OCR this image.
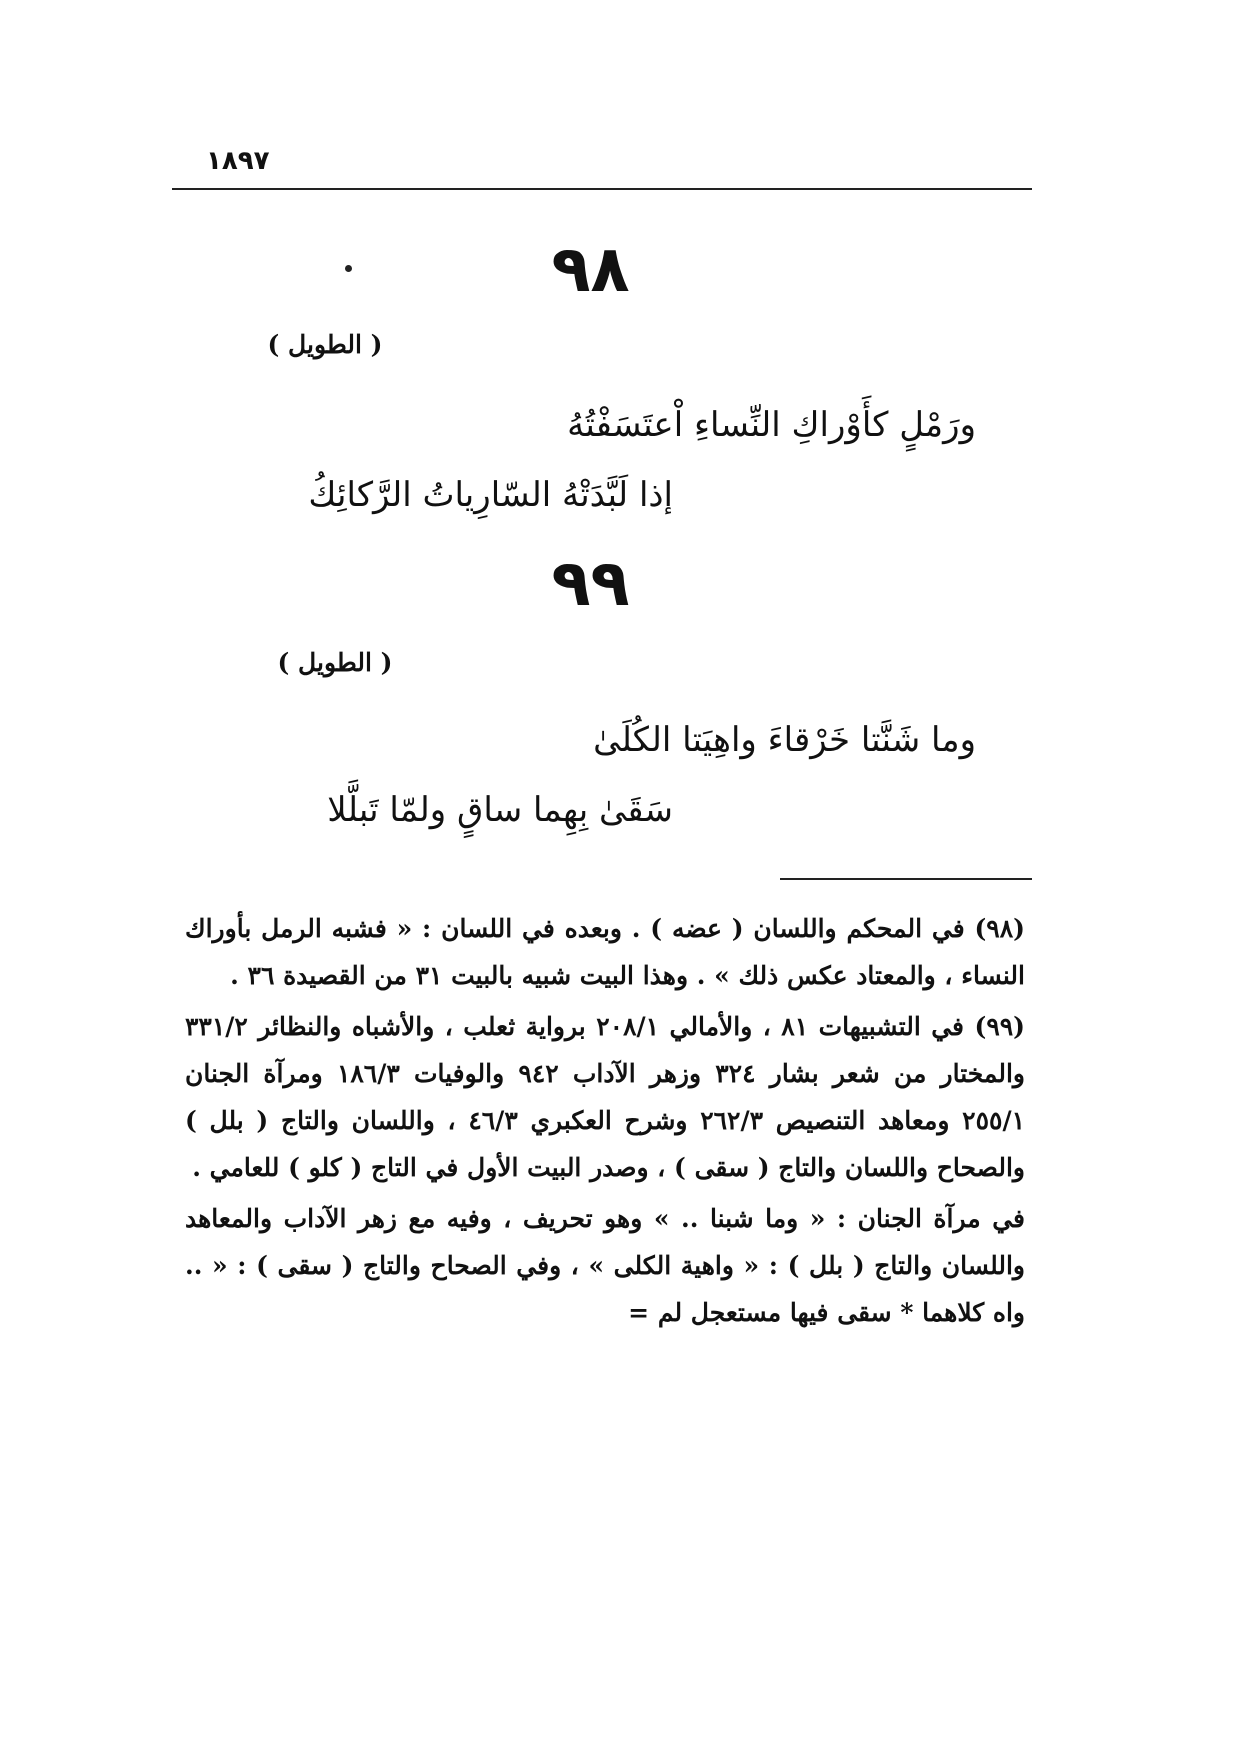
١٨٩٧
٩٨
( الطويل )
ورَمْلٍ كأَوْراكِ النِّساءِ اْعتَسَفْتُهُ
إذا لَبَّدَتْهُ السّارِياتُ الرَّكائِكُ
٩٩
( الطويل )
وما شَنَّتا خَرْقاءَ واهِيَتا الكُلَىٰ
سَقَىٰ بِهِما ساقٍ ولمّا تَبلَّلا

(٩٨) في المحكم واللسان ( عضه ) . وبعده في اللسان : « فشبه الرمل بأوراك النساء ، والمعتاد عكس ذلك » . وهذا البيت شبيه بالبيت ٣١ من القصيدة ٣٦ .

(٩٩) في التشبيهات ٨١ ، والأمالي ٢٠٨/١ برواية ثعلب ، والأشباه والنظائر ٣٣١/٢ والمختار من شعر بشار ٣٢٤ وزهر الآداب ٩٤٢ والوفيات ١٨٦/٣ ومرآة الجنان ٢٥٥/١ ومعاهد التنصيص ٢٦٢/٣ وشرح العكبري ٤٦/٣ ، واللسان والتاج ( بلل ) والصحاح واللسان والتاج ( سقى ) ، وصدر البيت الأول في التاج ( كلو ) للعامي .

في مرآة الجنان : « وما شبنا .. » وهو تحريف ، وفيه مع زهر الآداب والمعاهد واللسان والتاج ( بلل ) : « واهية الكلى » ، وفي الصحاح والتاج ( سقى ) : « .. واه كلاهما * سقى فيها مستعجل لم =
